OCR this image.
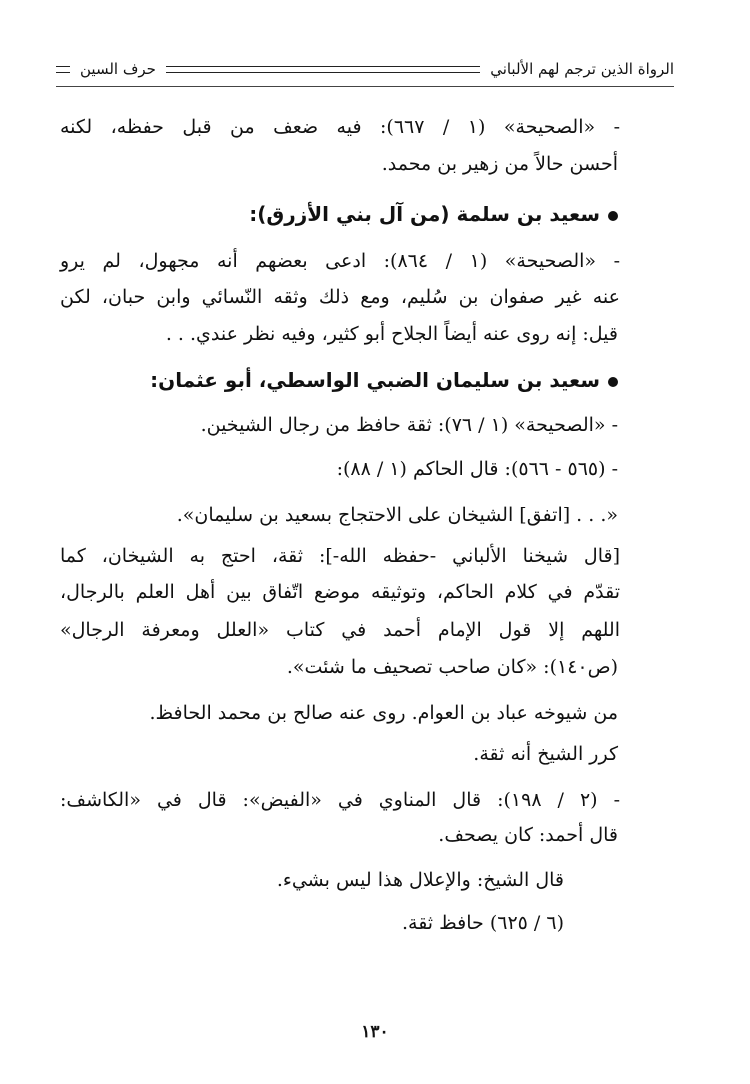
الرواة الذين ترجم لهم الألباني
حرف السين
- «الصحيحة» (١ / ٦٦٧): فيه ضعف من قبل حفظه، لكنه
أحسن حالاً من زهير بن محمد.
سعيد بن سلمة (من آل بني الأزرق):
- «الصحيحة» (١ / ٨٦٤): ادعى بعضهم أنه مجهول، لم يرو
عنه غير صفوان بن سُليم، ومع ذلك وثقه النّسائي وابن حبان، لكن
قيل: إنه روى عنه أيضاً الجلاح أبو كثير، وفيه نظر عندي. . .
سعيد بن سليمان الضبي الواسطي، أبو عثمان:
- «الصحيحة» (١ / ٧٦): ثقة حافظ من رجال الشيخين.
- (٥٦٥ - ٥٦٦): قال الحاكم (١ / ٨٨):
«. . . [اتفق] الشيخان على الاحتجاج بسعيد بن سليمان».
[قال شيخنا الألباني -حفظه الله-]: ثقة، احتج به الشيخان، كما
تقدّم في كلام الحاكم، وتوثيقه موضع اتّفاق بين أهل العلم بالرجال،
اللهم إلا قول الإمام أحمد في كتاب «العلل ومعرفة الرجال»
(ص١٤٠): «كان صاحب تصحيف ما شئت».
من شيوخه عباد بن العوام. روى عنه صالح بن محمد الحافظ.
كرر الشيخ أنه ثقة.
- (٢ / ١٩٨): قال المناوي في «الفيض»: قال في «الكاشف:
قال أحمد: كان يصحف.
قال الشيخ: والإعلال هذا ليس بشيء.
(٦ / ٦٢٥) حافظ ثقة.
١٣٠
